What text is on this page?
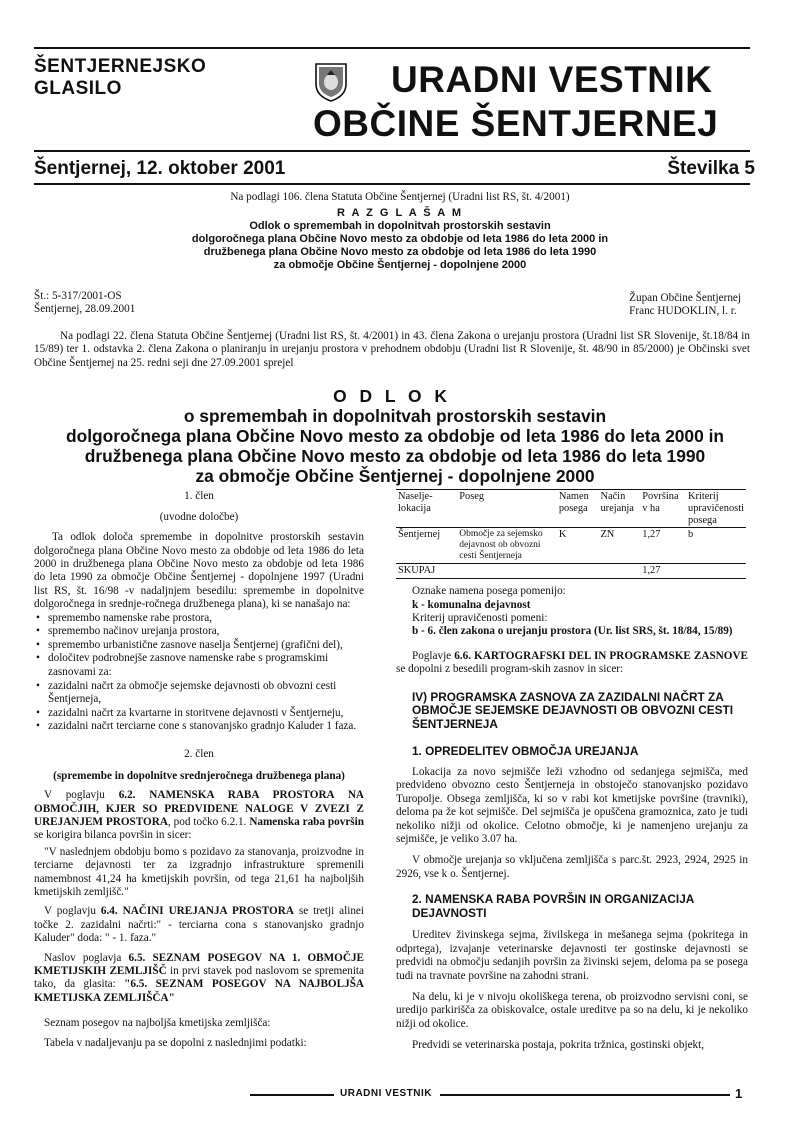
ŠENTJERNEJSKO
GLASILO	URADNI VESTNIK
OBČINE ŠENTJERNEJ
Šentjernej, 12. oktober 2001	Številka 5
Na podlagi 106. člena Statuta Občine Šentjernej (Uradni list RS, št. 4/2001)
R A Z G L A Š A M
Odlok o spremembah in dopolnitvah prostorskih sestavin
dolgoročnega plana Občine Novo mesto za obdobje od leta 1986 do leta 2000 in
družbenega plana Občine Novo mesto za obdobje od leta 1986 do leta 1990
za območje Občine Šentjernej - dopolnjene 2000
Št.: 5-317/2001-OS
Šentjernej, 28.09.2001
Župan Občine Šentjernej
Franc HUDOKLIN, l. r.
Na podlagi 22. člena Statuta Občine Šentjernej (Uradni list RS, št. 4/2001) in 43. člena Zakona o urejanju prostora (Uradni list SR Slovenije, št.18/84 in 15/89) ter 1. odstavka 2. člena Zakona o planiranju in urejanju prostora v prehodnem obdobju (Uradni list R Slovenije, št. 48/90 in 85/2000) je Občinski svet Občine Šentjernej na 25. redni seji dne 27.09.2001 sprejel
O D L O K
o spremembah in dopolnitvah prostorskih sestavin
dolgoročnega plana Občine Novo mesto za obdobje od leta 1986 do leta 2000 in
družbenega plana Občine Novo mesto za obdobje od leta 1986 do leta 1990
za območje Občine Šentjernej - dopolnjene 2000
1. člen
(uvodne določbe)
Ta odlok določa spremembe in dopolnitve prostorskih sestavin dolgoročnega plana Občine Novo mesto za obdobje od leta 1986 do leta 2000 in družbenega plana Občine Novo mesto za obdobje od leta 1986 do leta 1990 za območje Občine Šentjernej - dopolnjene 1997 (Uradni list RS, št. 16/98 -v nadaljnjem besedilu: spremembe in dopolnitve dolgoročnega in srednje-ročnega družbenega plana), ki se nanašajo na:
• spremembo namenske rabe prostora,
• spremembo načinov urejanja prostora,
• spremembo urbanistične zasnove naselja Šentjernej (grafični del),
• določitev podrobnejše zasnove namenske rabe s programskimi zasnovami za:
• zazidalni načrt za območje sejemske dejavnosti ob obvozni cesti Šentjerneja,
• zazidalni načrt za kvartarne in storitvene dejavnosti v Šentjerneju,
• zazidalni načrt terciarne cone s stanovanjsko gradnjo Kaluder 1 faza.
2. člen
(spremembe in dopolnitve srednjeročnega družbenega plana)
V poglavju 6.2. NAMENSKA RABA PROSTORA NA OBMOČJIH, KJER SO PREDVIDENE NALOGE V ZVEZI Z UREJANJEM PROSTORA, pod točko 6.2.1. Namenska raba površin se korigira bilanca površin in sicer:
"V naslednjem obdobju bomo s pozidavo za stanovanja, proizvodne in terciarne dejavnosti ter za izgradnjo infrastrukture spremenili namembnost 41,24 ha kmetijskih površin, od tega 21,61 ha najboljših kmetijskih zemljišč."
V poglavju 6.4. NAČINI UREJANJA PROSTORA se tretji alinei točke 2. zazidalni načrti:" - terciarna cona s stanovanjsko gradnjo Kaluder" doda: " - 1. faza."
Naslov poglavja 6.5. SEZNAM POSEGOV NA 1. OBMOČJE KMETIJSKIH ZEMLJIŠČ in prvi stavek pod naslovom se spremenita tako, da glasita: "6.5. SEZNAM POSEGOV NA NAJBOLJŠA KMETIJSKA ZEMLJIŠČA"
Seznam posegov na najboljša kmetijska zemljišča:
Tabela v nadaljevanju pa se dopolni z naslednjimi podatki:
Naselje-lokacija	Poseg	Namen posega	Način urejanja	Površina v ha	Kriterij upravičenosti posega
Šentjernej	Območje za sejemsko dejavnost ob obvozni cesti Šentjerneja	K	ZN	1,27	b
SKUPAJ				1,27	
Oznake namena posega pomenijo:
k - komunalna dejavnost
Kriterij upravičenosti pomeni:
b - 6. člen zakona o urejanju prostora (Ur. list SRS, št. 18/84, 15/89)
Poglavje 6.6. KARTOGRAFSKI DEL IN PROGRAMSKE ZASNOVE se dopolni z besedili program-skih zasnov in sicer:
IV) PROGRAMSKA ZASNOVA ZA ZAZIDALNI NAČRT ZA OBMOČJE SEJEMSKE DEJAVNOSTI OB OBVOZNI CESTI ŠENTJERNEJA
1. OPREDELITEV OBMOČJA UREJANJA
Lokacija za novo sejmišče leži vzhodno od sedanjega sejmišča, med predvideno obvozno cesto Šentjerneja in obstoječo stanovanjsko pozidavo Turopolje. Obsega zemljišča, ki so v rabi kot kmetijske površine (travniki), deloma pa že kot sejmišče. Del sejmišča je opuščena gramoznica, zato je tudi nekoliko nižji od okolice. Celotno območje, ki je namenjeno urejanju za sejmišče, je veliko 3.07 ha.
V območje urejanja so vključena zemljišča s parc.št. 2923, 2924, 2925 in 2926, vse k o. Šentjernej.
2. NAMENSKA RABA POVRŠIN IN ORGANIZACIJA DEJAVNOSTI
Ureditev živinskega sejma, živilskega in mešanega sejma (pokritega in odprtega), izvajanje veterinarske dejavnosti ter gostinske dejavnosti se predvidi na območju sedanjih površin za živinski sejem, deloma pa se posega tudi na travnate površine na zahodni strani.
Na delu, ki je v nivoju okoliškega terena, ob proizvodno servisni coni, se uredijo parkirišča za obiskovalce, ostale ureditve pa so na delu, ki je nekoliko nižji od okolice.
Predvidi se veterinarska postaja, pokrita tržnica, gostinski objekt,
URADNI VESTNIK	1
